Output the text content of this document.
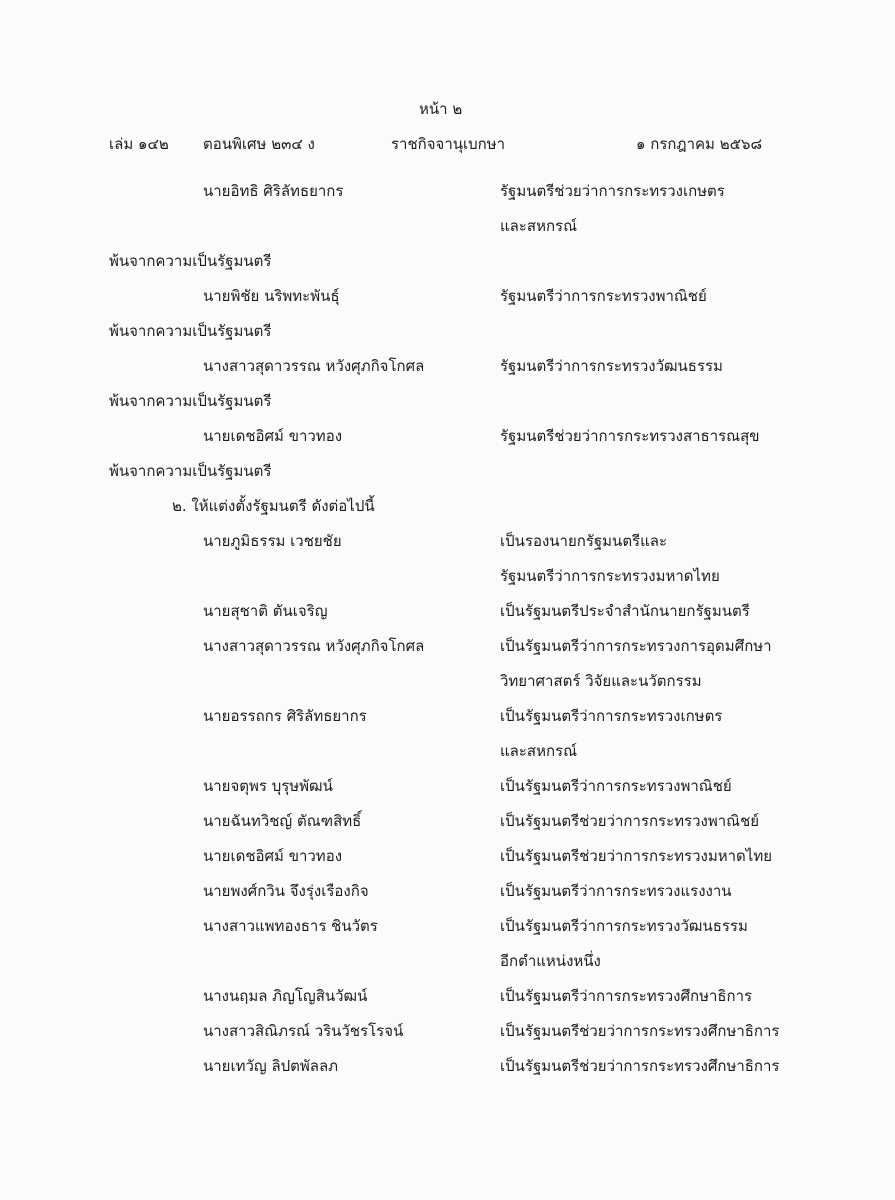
หน้า ๒
เล่ม ๑๔๒ ตอนพิเศษ ๒๓๔ ง	ราชกิจจานุเบกษา	๑ กรกฎาคม ๒๕๖๘
นายอิทธิ ศิริลัทธยากร	รัฐมนตรีช่วยว่าการกระทรวงเกษตร
และสหกรณ์
พ้นจากความเป็นรัฐมนตรี
นายพิชัย นริพทะพันธุ์	รัฐมนตรีว่าการกระทรวงพาณิชย์
พ้นจากความเป็นรัฐมนตรี
นางสาวสุดาวรรณ หวังศุภกิจโกศล	รัฐมนตรีว่าการกระทรวงวัฒนธรรม
พ้นจากความเป็นรัฐมนตรี
นายเดชอิศม์ ขาวทอง	รัฐมนตรีช่วยว่าการกระทรวงสาธารณสุข
พ้นจากความเป็นรัฐมนตรี
๒. ให้แต่งตั้งรัฐมนตรี ดังต่อไปนี้
นายภูมิธรรม เวชยชัย	เป็นรองนายกรัฐมนตรีและ
รัฐมนตรีว่าการกระทรวงมหาดไทย
นายสุชาติ ตันเจริญ	เป็นรัฐมนตรีประจำสำนักนายกรัฐมนตรี
นางสาวสุดาวรรณ หวังศุภกิจโกศล	เป็นรัฐมนตรีว่าการกระทรวงการอุดมศึกษา
วิทยาศาสตร์ วิจัยและนวัตกรรม
นายอรรถกร ศิริลัทธยากร	เป็นรัฐมนตรีว่าการกระทรวงเกษตร
และสหกรณ์
นายจตุพร บุรุษพัฒน์	เป็นรัฐมนตรีว่าการกระทรวงพาณิชย์
นายฉันทวิชญ์ ตัณฑสิทธิ์	เป็นรัฐมนตรีช่วยว่าการกระทรวงพาณิชย์
นายเดชอิศม์ ขาวทอง	เป็นรัฐมนตรีช่วยว่าการกระทรวงมหาดไทย
นายพงศ์กวิน จึงรุ่งเรืองกิจ	เป็นรัฐมนตรีว่าการกระทรวงแรงงาน
นางสาวแพทองธาร ชินวัตร	เป็นรัฐมนตรีว่าการกระทรวงวัฒนธรรม
อีกตำแหน่งหนึ่ง
นางนฤมล ภิญโญสินวัฒน์	เป็นรัฐมนตรีว่าการกระทรวงศึกษาธิการ
นางสาวสิณิภรณ์ วรินวัชรโรจน์	เป็นรัฐมนตรีช่วยว่าการกระทรวงศึกษาธิการ
นายเทวัญ ลิปตพัลลภ	เป็นรัฐมนตรีช่วยว่าการกระทรวงศึกษาธิการ
